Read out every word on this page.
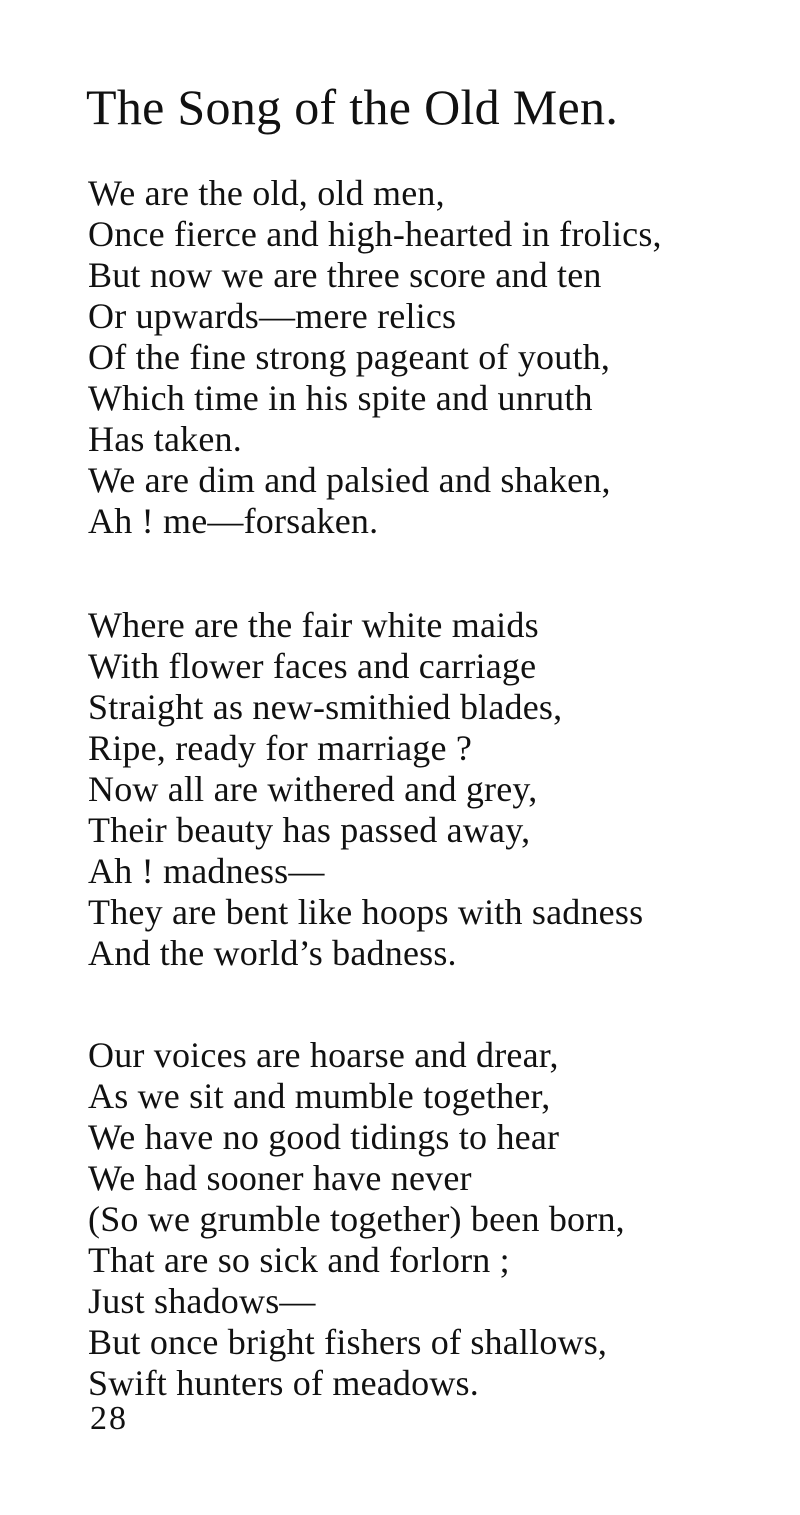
The Song of the Old Men.
We are the old, old men,
Once fierce and high-hearted in frolics,
But now we are three score and ten
Or upwards—mere relics
Of the fine strong pageant of youth,
Which time in his spite and unruth
Has taken.
We are dim and palsied and shaken,
Ah ! me—forsaken.
Where are the fair white maids
With flower faces and carriage
Straight as new-smithied blades,
Ripe, ready for marriage ?
Now all are withered and grey,
Their beauty has passed away,
Ah ! madness—
They are bent like hoops with sadness
And the world’s badness.
Our voices are hoarse and drear,
As we sit and mumble together,
We have no good tidings to hear
We had sooner have never
(So we grumble together) been born,
That are so sick and forlorn ;
Just shadows—
But once bright fishers of shallows,
Swift hunters of meadows.
28
